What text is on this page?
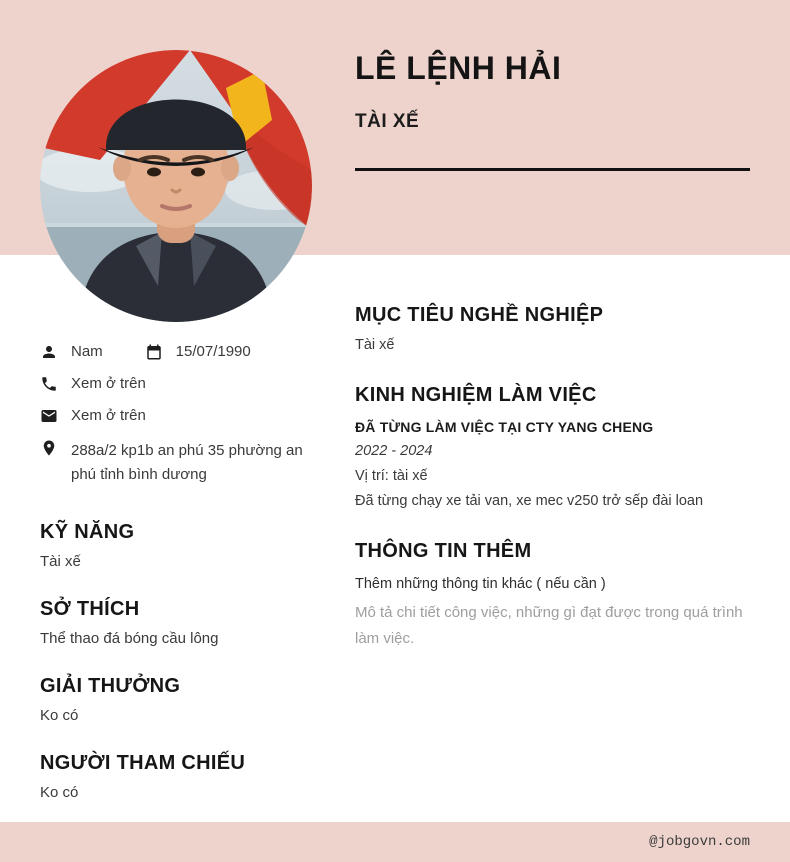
LÊ LỆNH HẢI
TÀI XẾ
Nam	15/07/1990
Xem ở trên
Xem ở trên
288a/2 kp1b an phú 35 phường an phú tỉnh bình dương
KỸ NĂNG
Tài xế
SỞ THÍCH
Thể thao đá bóng cầu lông
GIẢI THƯỞNG
Ko có
NGƯỜI THAM CHIẾU
Ko có
MỤC TIÊU NGHỀ NGHIỆP
Tài xế
KINH NGHIỆM LÀM VIỆC
ĐÃ TỪNG LÀM VIỆC TẠI CTY YANG CHENG
2022 - 2024
Vị trí: tài xế
Đã từng chạy xe tải van, xe mec v250 trở sếp đài loan
THÔNG TIN THÊM
Thêm những thông tin khác ( nếu cần )
Mô tả chi tiết công việc, những gì đạt được trong quá trình làm việc.
@jobgovn.com
